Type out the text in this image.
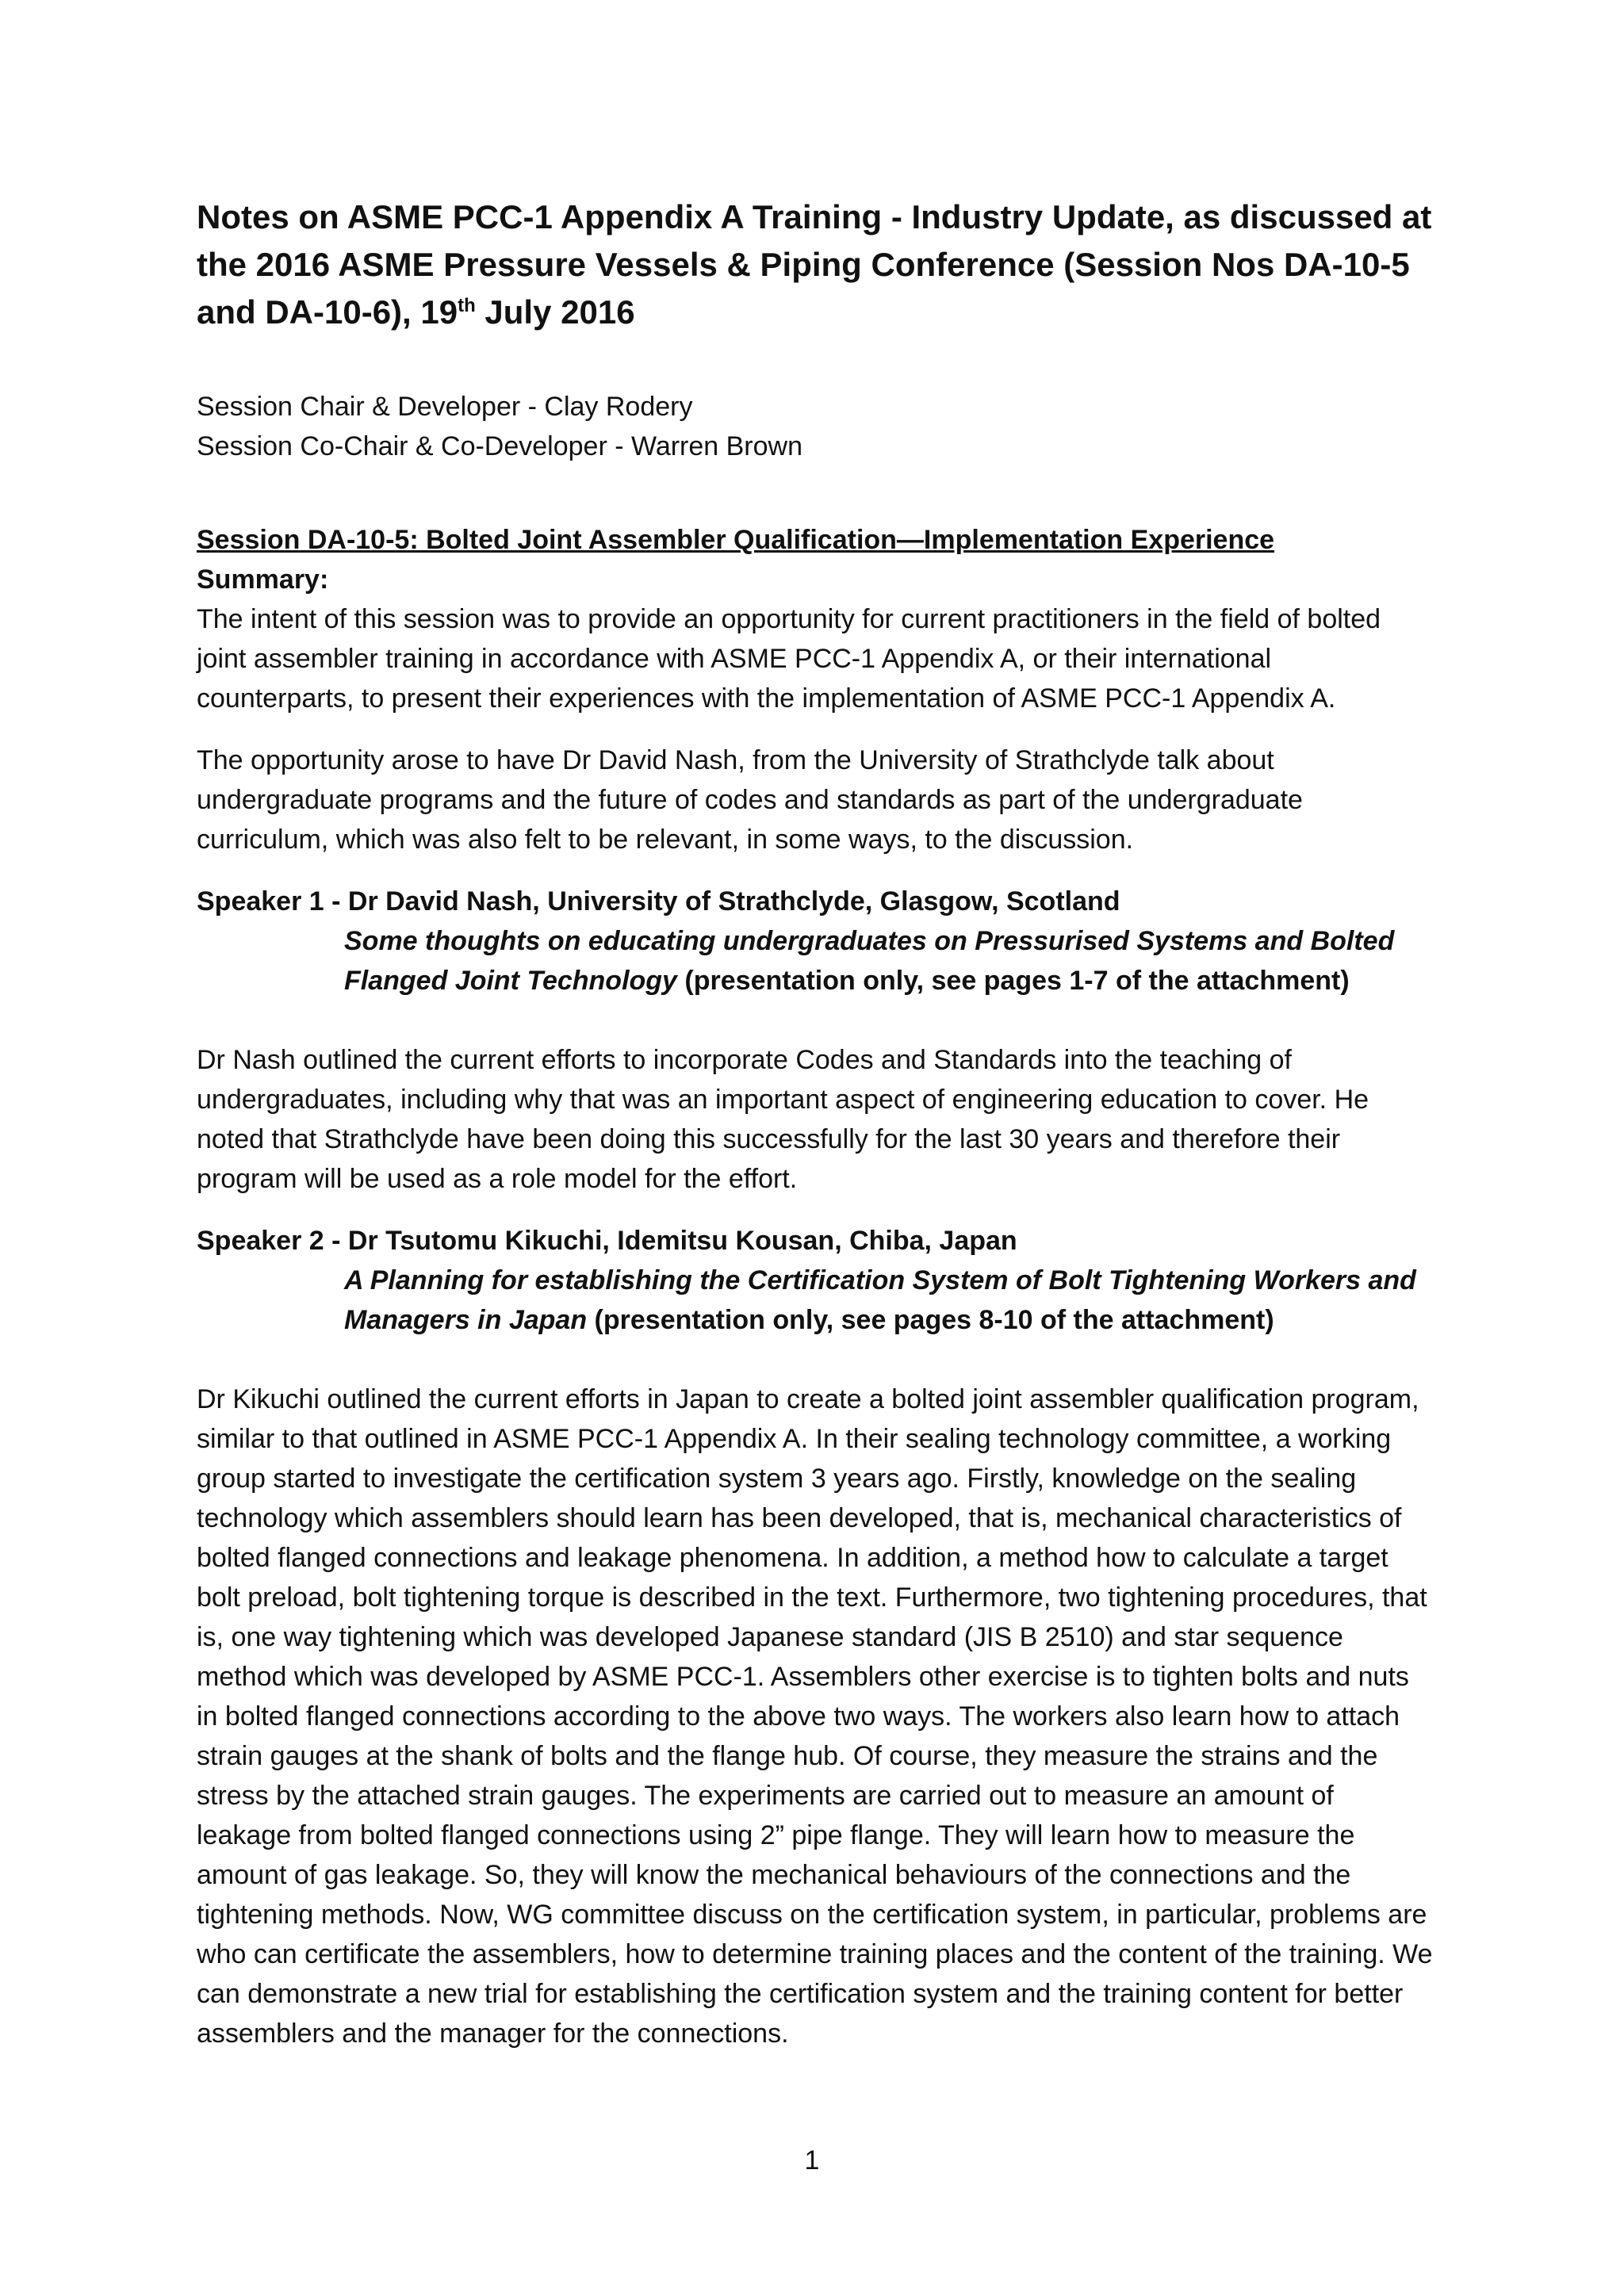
Notes on ASME PCC-1 Appendix A Training - Industry Update, as discussed at the 2016 ASME Pressure Vessels & Piping Conference (Session Nos DA-10-5 and DA-10-6), 19th July 2016

Session Chair & Developer - Clay Rodery

Session Co-Chair & Co-Developer - Warren Brown

Session DA-10-5: Bolted Joint Assembler Qualification—Implementation Experience
Summary:

The intent of this session was to provide an opportunity for current practitioners in the field of bolted joint assembler training in accordance with ASME PCC-1 Appendix A, or their international counterparts, to present their experiences with the implementation of ASME PCC-1 Appendix A.

The opportunity arose to have Dr David Nash, from the University of Strathclyde talk about undergraduate programs and the future of codes and standards as part of the undergraduate curriculum, which was also felt to be relevant, in some ways, to the discussion.

Speaker 1 - Dr David Nash, University of Strathclyde, Glasgow, Scotland
Some thoughts on educating undergraduates on Pressurised Systems and Bolted Flanged Joint Technology (presentation only, see pages 1-7 of the attachment)

Dr Nash outlined the current efforts to incorporate Codes and Standards into the teaching of undergraduates, including why that was an important aspect of engineering education to cover. He noted that Strathclyde have been doing this successfully for the last 30 years and therefore their program will be used as a role model for the effort.

Speaker 2 - Dr Tsutomu Kikuchi, Idemitsu Kousan, Chiba, Japan
A Planning for establishing the Certification System of Bolt Tightening Workers and Managers in Japan (presentation only, see pages 8-10 of the attachment)

Dr Kikuchi outlined the current efforts in Japan to create a bolted joint assembler qualification program, similar to that outlined in ASME PCC-1 Appendix A. In their sealing technology committee, a working group started to investigate the certification system 3 years ago. Firstly, knowledge on the sealing technology which assemblers should learn has been developed, that is, mechanical characteristics of bolted flanged connections and leakage phenomena. In addition, a method how to calculate a target bolt preload, bolt tightening torque is described in the text. Furthermore, two tightening procedures, that is, one way tightening which was developed Japanese standard (JIS B 2510) and star sequence method which was developed by ASME PCC-1. Assemblers other exercise is to tighten bolts and nuts in bolted flanged connections according to the above two ways. The workers also learn how to attach strain gauges at the shank of bolts and the flange hub. Of course, they measure the strains and the stress by the attached strain gauges. The experiments are carried out to measure an amount of leakage from bolted flanged connections using 2” pipe flange. They will learn how to measure the amount of gas leakage. So, they will know the mechanical behaviours of the connections and the tightening methods. Now, WG committee discuss on the certification system, in particular, problems are who can certificate the assemblers, how to determine training places and the content of the training. We can demonstrate a new trial for establishing the certification system and the training content for better assemblers and the manager for the connections.

1
